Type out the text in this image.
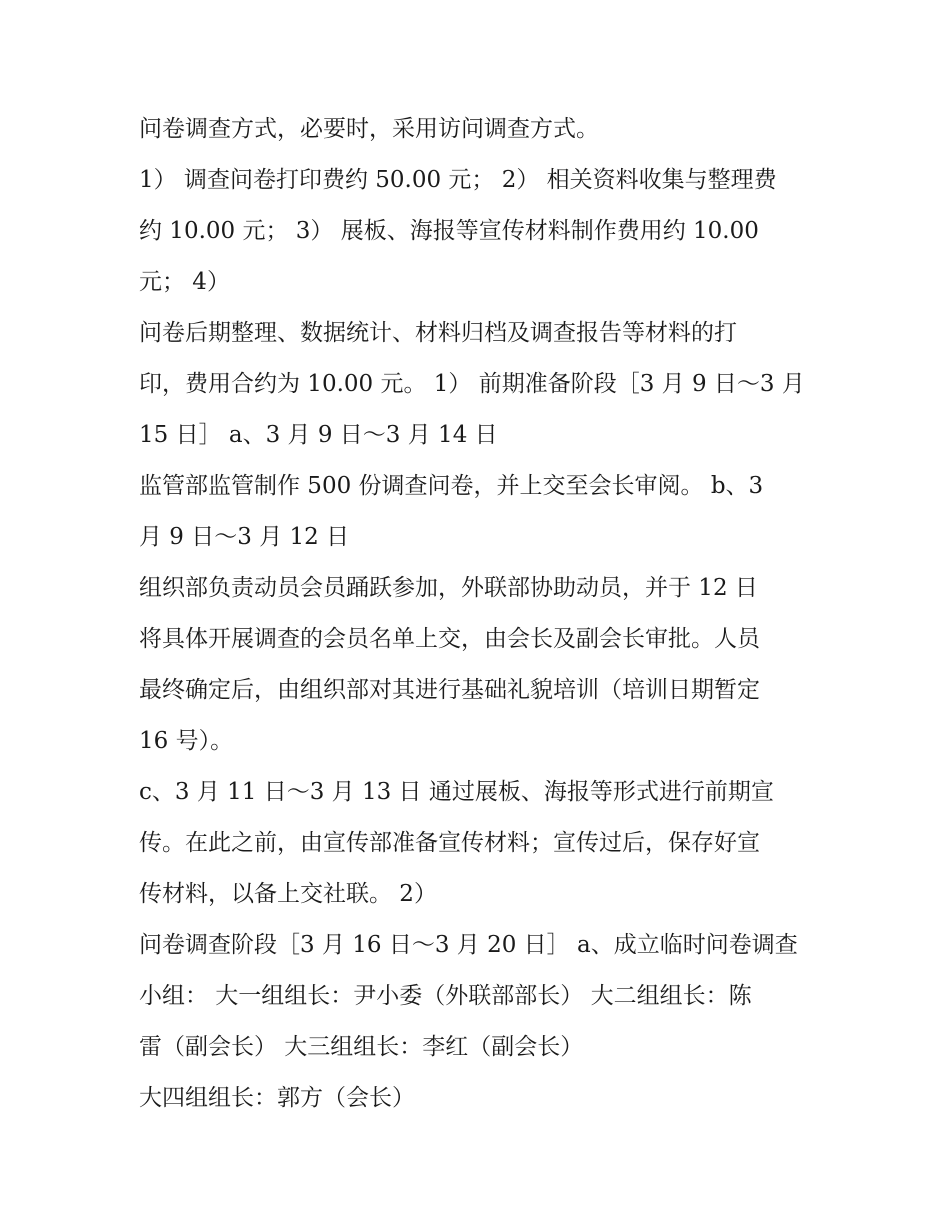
问卷调查方式，必要时，采用访问调查方式。
1） 调查问卷打印费约 50.00 元； 2） 相关资料收集与整理费
约 10.00 元； 3） 展板、海报等宣传材料制作费用约 10.00
元； 4）
问卷后期整理、数据统计、材料归档及调查报告等材料的打
印，费用合约为 10.00 元。 1） 前期准备阶段［3 月 9 日～3 月
15 日］ a、3 月 9 日～3 月 14 日
监管部监管制作 500 份调查问卷，并上交至会长审阅。 b、3
月 9 日～3 月 12 日
组织部负责动员会员踊跃参加，外联部协助动员，并于 12 日
将具体开展调查的会员名单上交，由会长及副会长审批。人员
最终确定后，由组织部对其进行基础礼貌培训（培训日期暂定
16 号）。
c、3 月 11 日～3 月 13 日 通过展板、海报等形式进行前期宣
传。在此之前，由宣传部准备宣传材料；宣传过后，保存好宣
传材料，以备上交社联。 2）
问卷调查阶段［3 月 16 日～3 月 20 日］ a、成立临时问卷调查
小组： 大一组组长：尹小委（外联部部长） 大二组组长：陈
雷（副会长） 大三组组长：李红（副会长）
大四组组长：郭方（会长）
